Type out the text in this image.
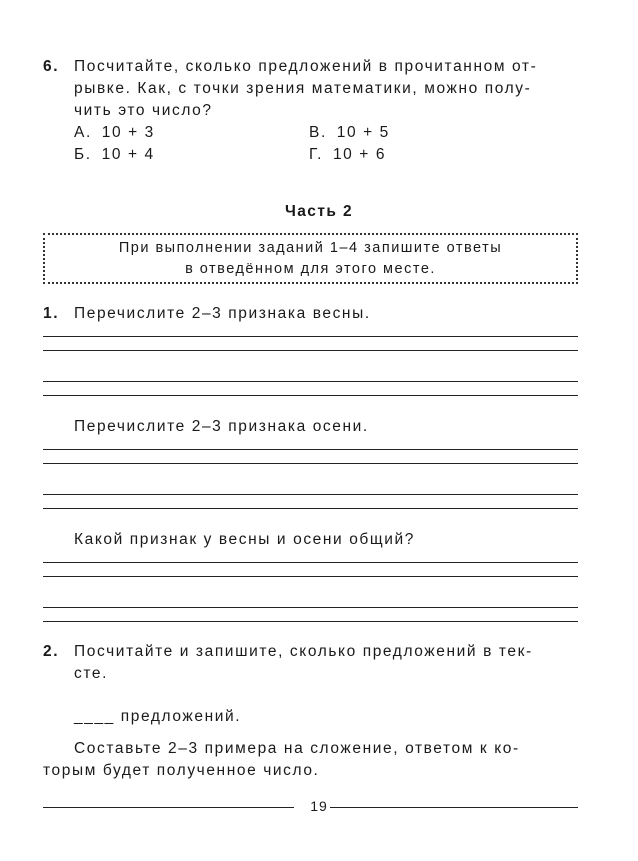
6. Посчитайте, сколько предложений в прочитанном от-
рывке. Как, с точки зрения математики, можно полу-
чить это число?
А. 10 + 3	В. 10 + 5
Б. 10 + 4	Г. 10 + 6
Часть 2
При выполнении заданий 1–4 запишите ответы
в отведённом для этого месте.
1. Перечислите 2–3 признака весны.
Перечислите 2–3 признака осени.
Какой признак у весны и осени общий?
2. Посчитайте и запишите, сколько предложений в тек-
сте.
____ предложений.
Составьте 2–3 примера на сложение, ответом к ко-
торым будет полученное число.
19
